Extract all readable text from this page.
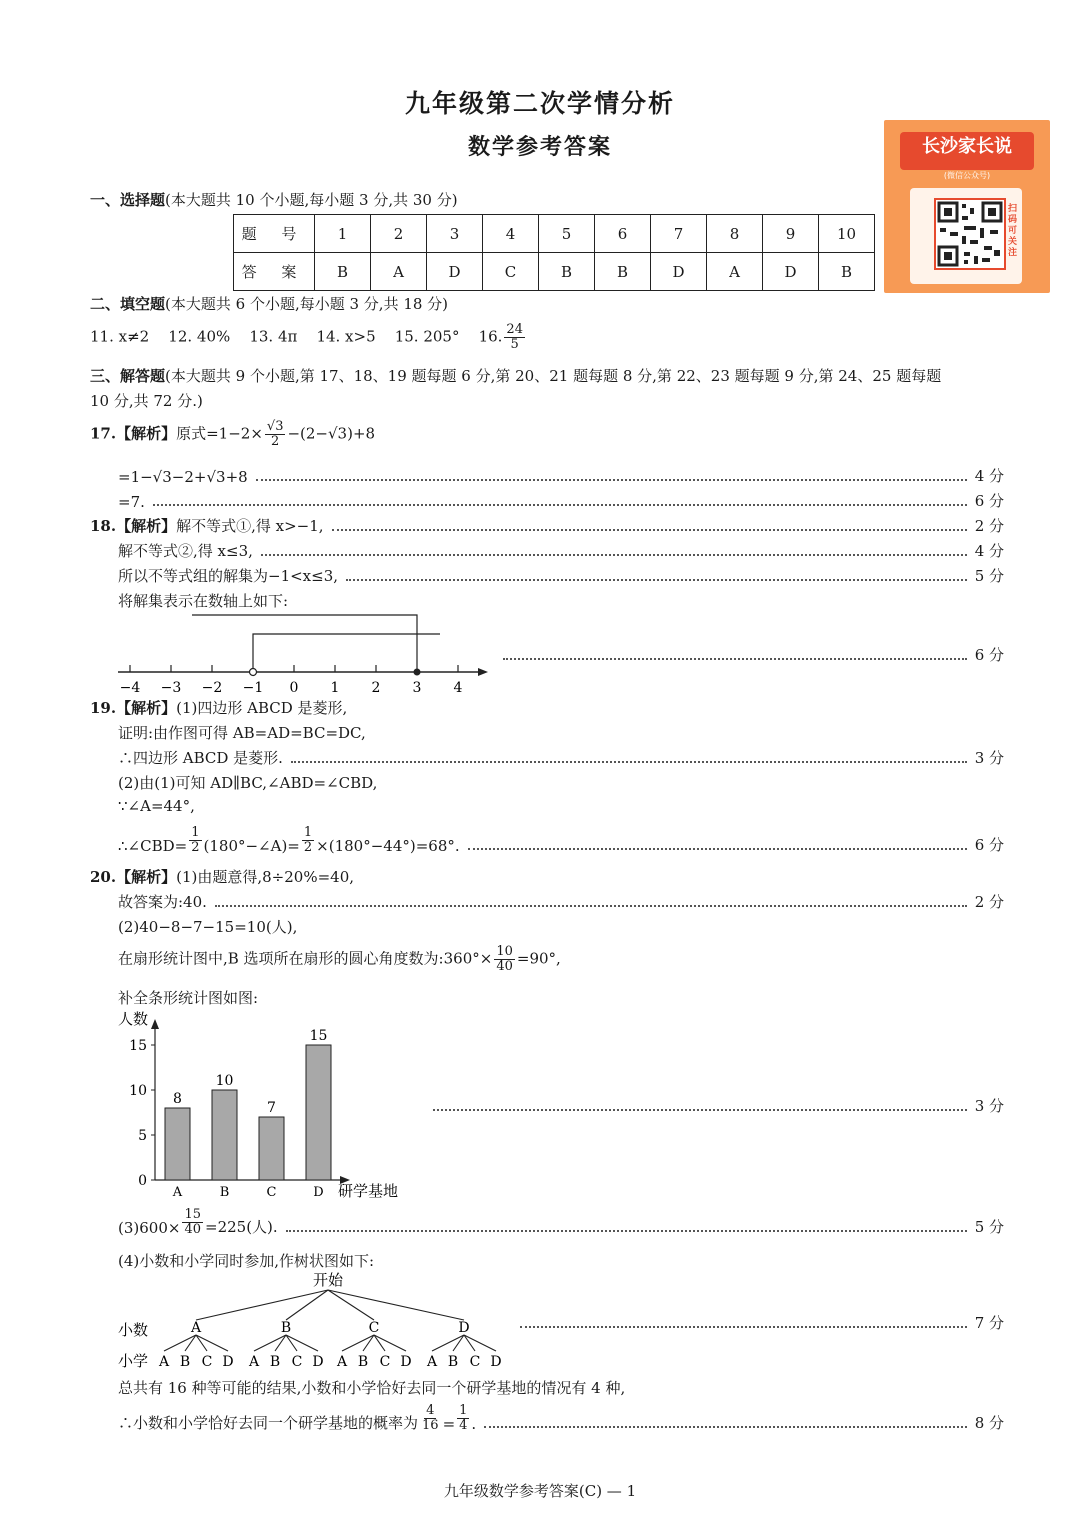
九年级第二次学情分析
数学参考答案	长沙家长说
(微信公众号)
扫码可关注
一、选择题(本大题共 10 个小题,每小题 3 分,共 30 分)
题 号	1	2	3	4	5	6	7	8	9	10
答 案	B	A	D	C	B	B	D	A	D	B
二、填空题(本大题共 6 个小题,每小题 3 分,共 18 分)
11. x≠2 12. 40% 13. 4π 14. x>5 15. 205° 16. $\frac{24}{5}$
三、解答题(本大题共 9 个小题,第 17、18、19 题每题 6 分,第 20、21 题每题 8 分,第 22、23 题每题 9 分,第 24、25 题每题
10 分,共 72 分.)
17.【解析】原式$=1-2\times \frac{√3}{2} -(2-√3)+8$
=1−√3−2+√3+8	4 分
=7.	6 分
18.【解析】 解不等式①,得 x>−1,	2 分
解不等式②,得 x≤3,	4 分
所以不等式组的解集为−1<x≤3,	5 分
将解集表示在数轴上如下:
−4 −3 −2 −1 0 1 2 3 4
6 分
19.【解析】(1)四边形 ABCD 是菱形,
证明:由作图可得 AB=AD=BC=DC,
∴四边形 ABCD 是菱形.	3 分
(2)由(1)可知 AD∥BC,∠ABD=∠CBD,
∵∠A=44°,
∴∠CBD= $\frac{1}{2}$ (180°−∠A)= $\frac{1}{2} \times(180^\circ-44^\circ)=68^\circ$.	6 分
20.【解析】(1)由题意得,8÷20%=40,
故答案为:40.	2 分
(2)40−8−7−15=10(人),
在扇形统计图中,B 选项所在扇形的圆心角度数为:360°× $\frac{10}{40} =90^\circ$,
补全条形统计图如图:
人数
研学基地
0
5
10
15
8
A
10
B
7
C
15
D
3 分
$(3)600\times \frac{15}{40} =225$(人).	5 分
(4)小数和小学同时参加,作树状图如下:
开始
小数
小学
A
A B C D
B
A B C D
C
A B C D
D
A B C D
7 分
总共有 16 种等可能的结果,小数和小学恰好去同一个研学基地的情况有 4 种,
∴小数和小学恰好去同一个研学基地的概率为 $\frac{4}{16} = \frac{1}{4}$ .	8 分
九年级数学参考答案(C) — 1
